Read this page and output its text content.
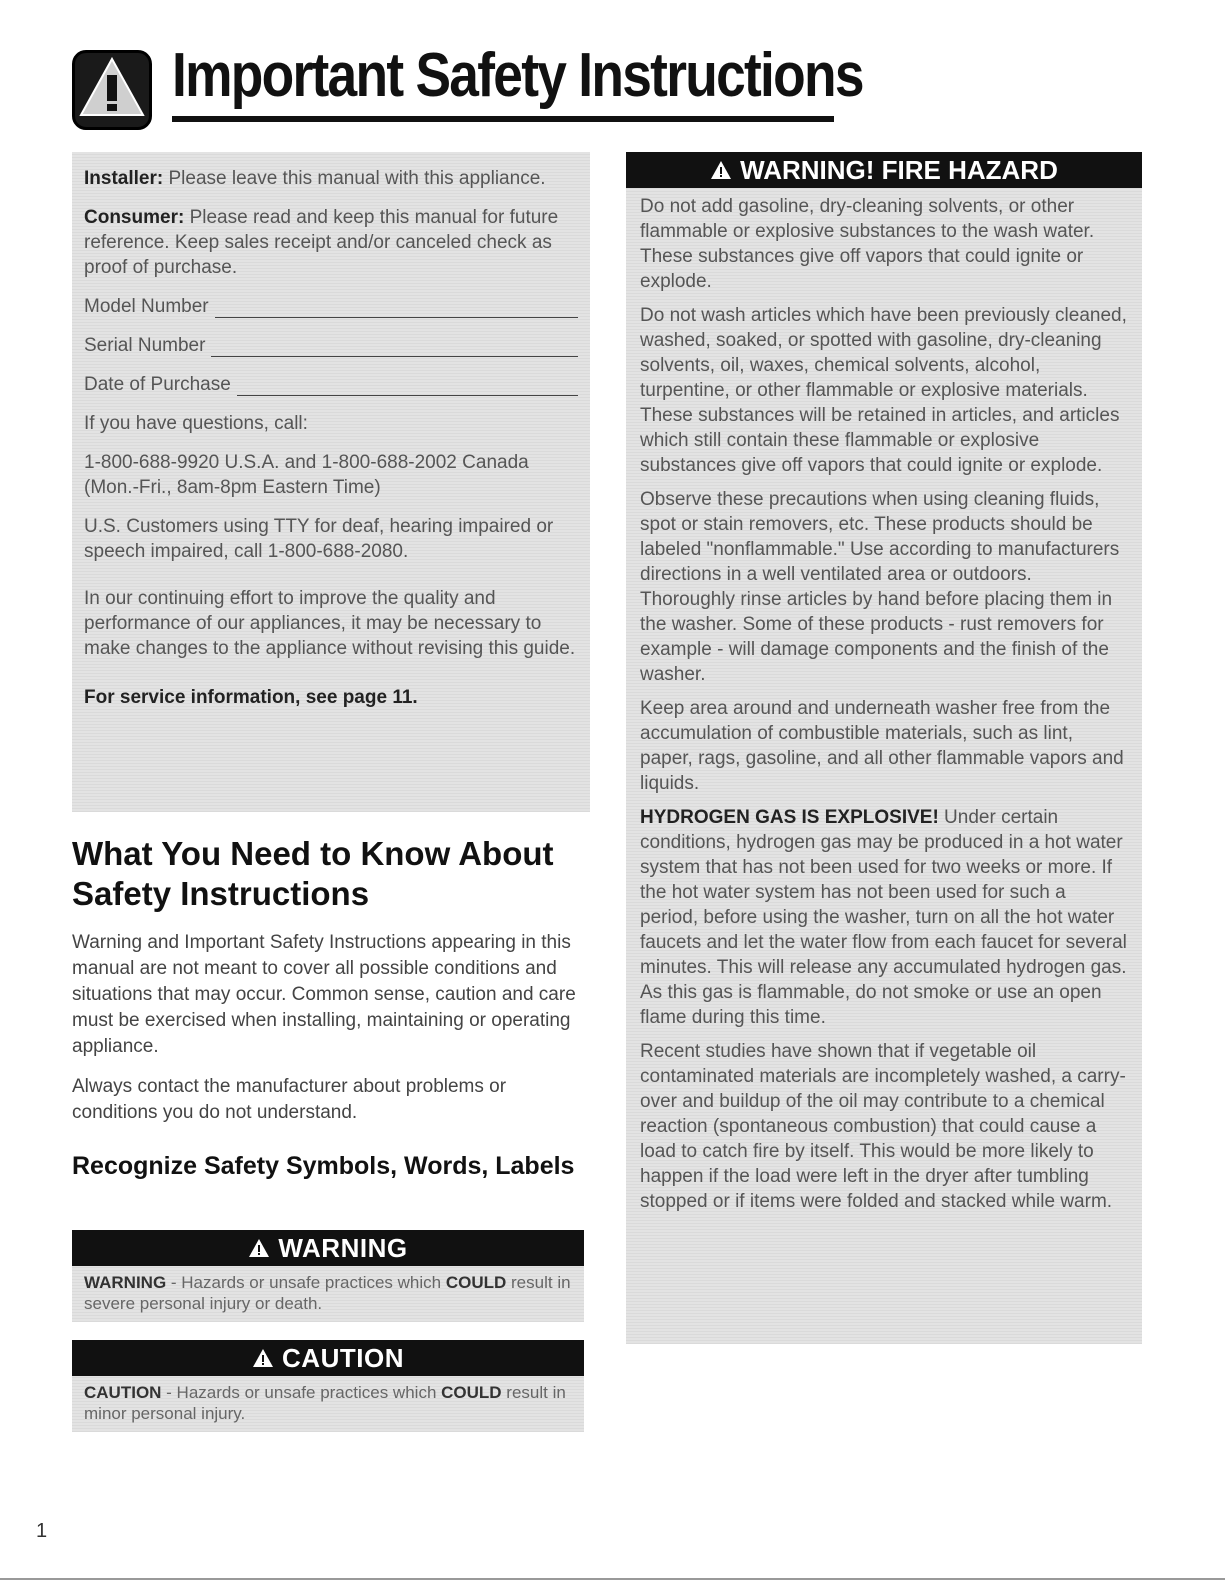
Important Safety Instructions

Installer: Please leave this manual with this appliance.

Consumer: Please read and keep this manual for future reference. Keep sales receipt and/or canceled check as proof of purchase.

Model Number
Serial Number
Date of Purchase

If you have questions, call:

1-800-688-9920 U.S.A. and 1-800-688-2002 Canada (Mon.-Fri., 8am-8pm Eastern Time)

U.S. Customers using TTY for deaf, hearing impaired or speech impaired, call 1-800-688-2080.

In our continuing effort to improve the quality and performance of our appliances, it may be necessary to make changes to the appliance without revising this guide.

For service information, see page 11.

What You Need to Know About Safety Instructions

Warning and Important Safety Instructions appearing in this manual are not meant to cover all possible conditions and situations that may occur. Common sense, caution and care must be exercised when installing, maintaining or operating appliance.

Always contact the manufacturer about problems or conditions you do not understand.

Recognize Safety Symbols, Words, Labels
WARNING
WARNING - Hazards or unsafe practices which COULD result in severe personal injury or death.
CAUTION
CAUTION - Hazards or unsafe practices which COULD result in minor personal injury.
WARNING! FIRE HAZARD

Do not add gasoline, dry-cleaning solvents, or other flammable or explosive substances to the wash water. These substances give off vapors that could ignite or explode.

Do not wash articles which have been previously cleaned, washed, soaked, or spotted with gasoline, dry-cleaning solvents, oil, waxes, chemical solvents, alcohol, turpentine, or other flammable or explosive materials. These substances will be retained in articles, and articles which still contain these flammable or explosive substances give off vapors that could ignite or explode.

Observe these precautions when using cleaning fluids, spot or stain removers, etc. These products should be labeled "nonflammable." Use according to manufacturers directions in a well ventilated area or outdoors. Thoroughly rinse articles by hand before placing them in the washer. Some of these products - rust removers for example - will damage components and the finish of the washer.

Keep area around and underneath washer free from the accumulation of combustible materials, such as lint, paper, rags, gasoline, and all other flammable vapors and liquids.

HYDROGEN GAS IS EXPLOSIVE! Under certain conditions, hydrogen gas may be produced in a hot water system that has not been used for two weeks or more. If the hot water system has not been used for such a period, before using the washer, turn on all the hot water faucets and let the water flow from each faucet for several minutes. This will release any accumulated hydrogen gas. As this gas is flammable, do not smoke or use an open flame during this time.

Recent studies have shown that if vegetable oil contaminated materials are incompletely washed, a carry-over and buildup of the oil may contribute to a chemical reaction (spontaneous combustion) that could cause a load to catch fire by itself. This would be more likely to happen if the load were left in the dryer after tumbling stopped or if items were folded and stacked while warm.

1
